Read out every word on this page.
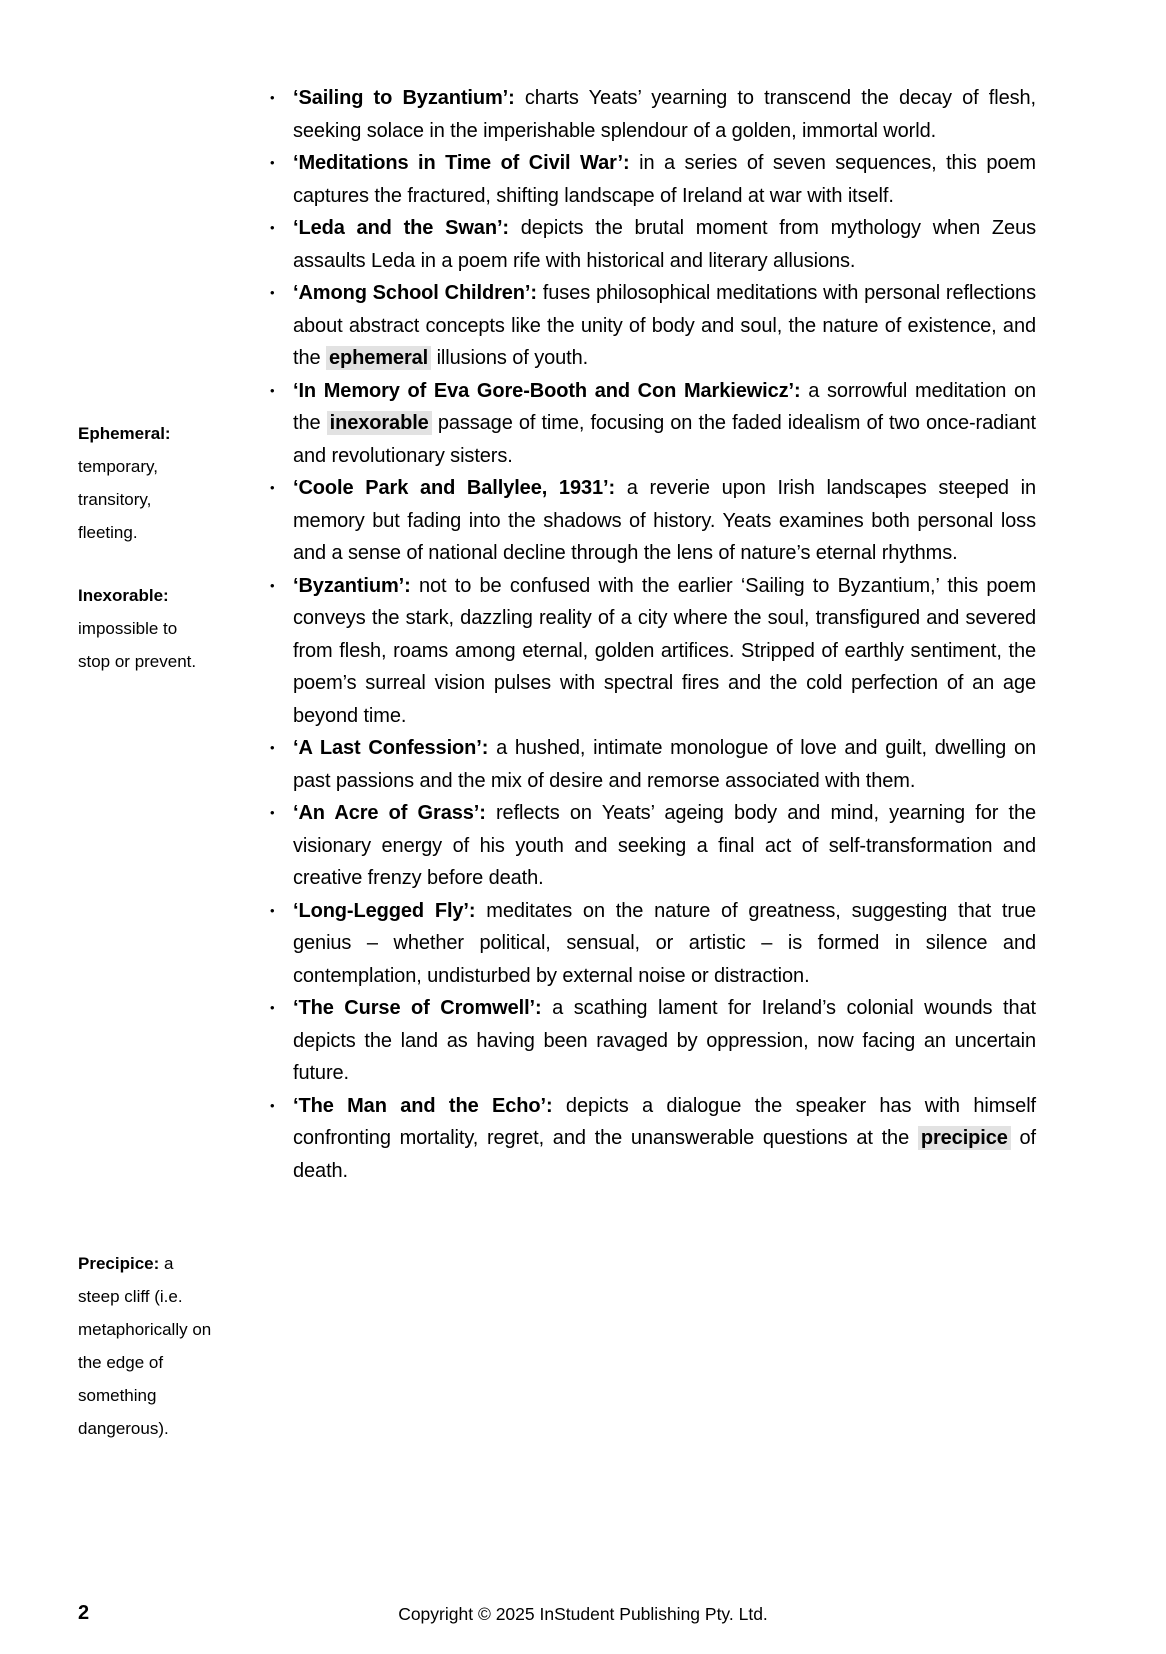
Ephemeral: temporary, transitory, fleeting.
Inexorable: impossible to stop or prevent.
Precipice: a steep cliff (i.e. metaphorically on the edge of something dangerous).
• ‘Sailing to Byzantium’: charts Yeats’ yearning to transcend the decay of flesh, seeking solace in the imperishable splendour of a golden, immortal world.

• ‘Meditations in Time of Civil War’: in a series of seven sequences, this poem captures the fractured, shifting landscape of Ireland at war with itself.

• ‘Leda and the Swan’: depicts the brutal moment from mythology when Zeus assaults Leda in a poem rife with historical and literary allusions.

• ‘Among School Children’: fuses philosophical meditations with personal reflections about abstract concepts like the unity of body and soul, the nature of existence, and the ephemeral illusions of youth.

• ‘In Memory of Eva Gore-Booth and Con Markiewicz’: a sorrowful meditation on the inexorable passage of time, focusing on the faded idealism of two once-radiant and revolutionary sisters.

• ‘Coole Park and Ballylee, 1931’: a reverie upon Irish landscapes steeped in memory but fading into the shadows of history. Yeats examines both personal loss and a sense of national decline through the lens of nature’s eternal rhythms.

• ‘Byzantium’: not to be confused with the earlier ‘Sailing to Byzantium,’ this poem conveys the stark, dazzling reality of a city where the soul, transfigured and severed from flesh, roams among eternal, golden artifices. Stripped of earthly sentiment, the poem’s surreal vision pulses with spectral fires and the cold perfection of an age beyond time.

• ‘A Last Confession’: a hushed, intimate monologue of love and guilt, dwelling on past passions and the mix of desire and remorse associated with them.

• ‘An Acre of Grass’: reflects on Yeats’ ageing body and mind, yearning for the visionary energy of his youth and seeking a final act of self-transformation and creative frenzy before death.

• ‘Long-Legged Fly’: meditates on the nature of greatness, suggesting that true genius – whether political, sensual, or artistic – is formed in silence and contemplation, undisturbed by external noise or distraction.

• ‘The Curse of Cromwell’: a scathing lament for Ireland’s colonial wounds that depicts the land as having been ravaged by oppression, now facing an uncertain future.

• ‘The Man and the Echo’: depicts a dialogue the speaker has with himself confronting mortality, regret, and the unanswerable questions at the precipice of death.

2	Copyright © 2025 InStudent Publishing Pty. Ltd.
